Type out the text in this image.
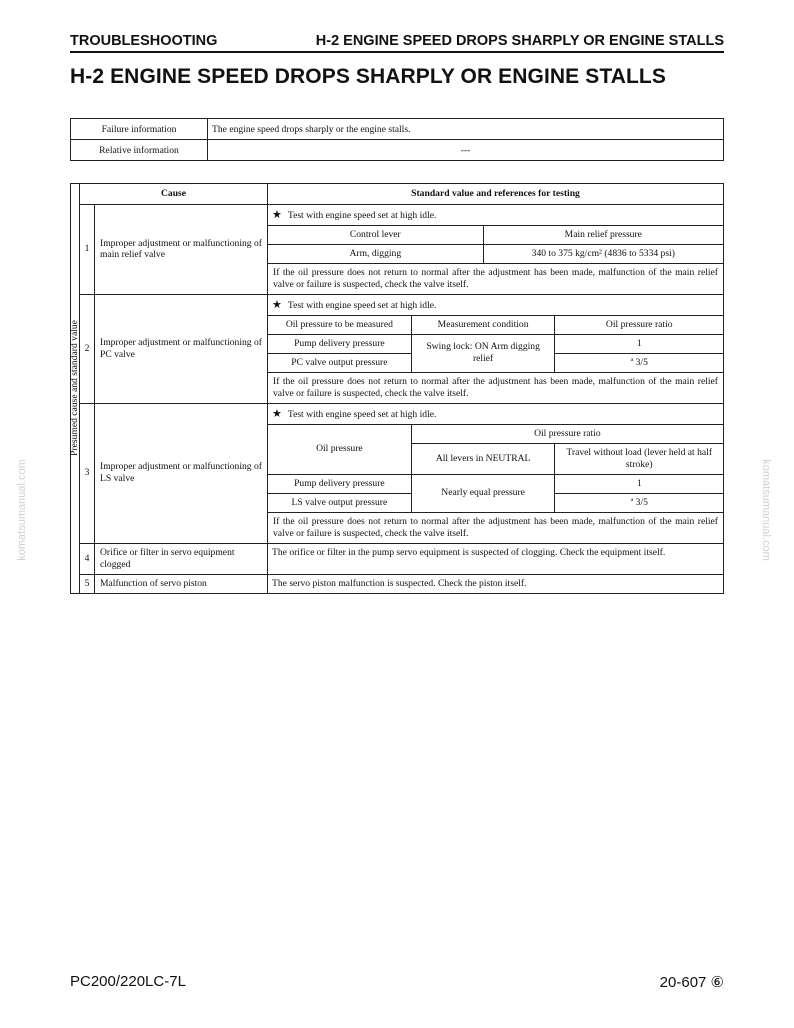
TROUBLESHOOTING	H-2 ENGINE SPEED DROPS SHARPLY OR ENGINE STALLS
H-2 ENGINE SPEED DROPS SHARPLY OR ENGINE STALLS
Failure information	The engine speed drops sharply or the engine stalls.
Relative information	---
Presumed cause and standard value	Cause		Standard value and references for testing			
	1	Improper adjustment or malfunctioning of main relief valve	★ Test with engine speed set at high idle.			
			Control lever		Main relief pressure	
			Arm, digging		340 to 375 kg/cm² (4836 to 5334 psi)	
			If the oil pressure does not return to normal after the adjustment has been made, malfunction of the main relief valve or failure is suspected, check the valve itself.			
	2	Improper adjustment or malfunctioning of PC valve	★ Test with engine speed set at high idle.			
			Oil pressure to be measured	Measurement condition		Oil pressure ratio
			Pump delivery pressure	Swing lock: ON Arm digging relief		1
			PC valve output pressure			ª 3/5
			If the oil pressure does not return to normal after the adjustment has been made, malfunction of the main relief valve or failure is suspected, check the valve itself.			
	3	Improper adjustment or malfunctioning of LS valve	★ Test with engine speed set at high idle.			
			Oil pressure	Oil pressure ratio		
				All levers in NEUTRAL		Travel without load (lever held at half stroke)
			Pump delivery pressure	Nearly equal pressure		1
			LS valve output pressure			ª 3/5
			If the oil pressure does not return to normal after the adjustment has been made, malfunction of the main relief valve or failure is suspected, check the valve itself.			
	4	Orifice or filter in servo equipment clogged	The orifice or filter in the pump servo equipment is suspected of clogging. Check the equipment itself.			
	5	Malfunction of servo piston	The servo piston malfunction is suspected. Check the piston itself.			
komatsumanual.com	komatsumanual.com
PC200/220LC-7L	20-607 ⑥
